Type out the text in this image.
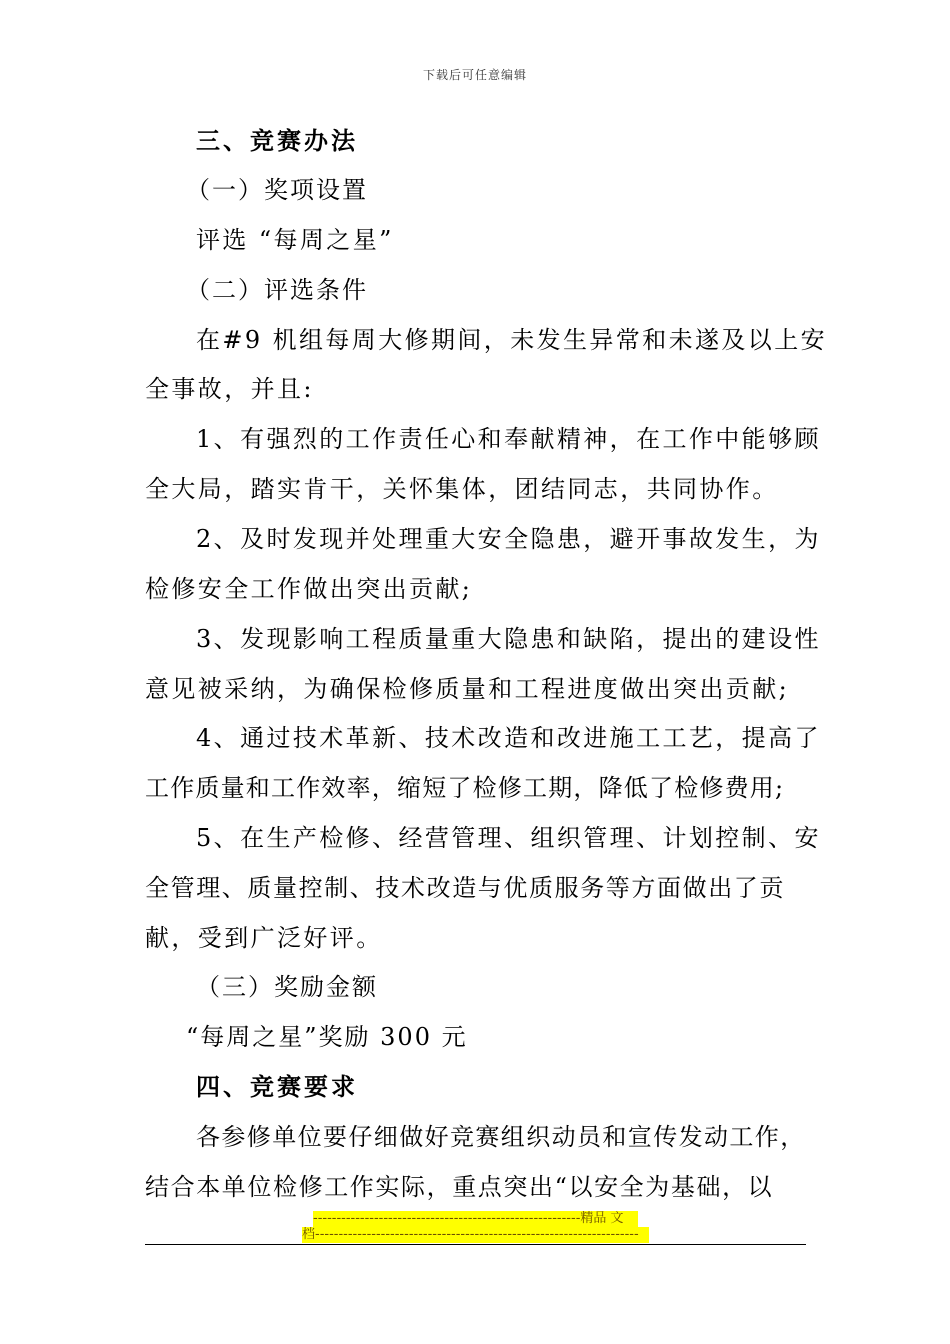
下载后可任意编辑
三、竞赛办法
（一）奖项设置
评选 “每周之星”
（二）评选条件
在#9 机组每周大修期间，未发生异常和未遂及以上安
全事故，并且:
1、有强烈的工作责任心和奉献精神，在工作中能够顾
全大局，踏实肯干，关怀集体，团结同志，共同协作。
2、及时发现并处理重大安全隐患，避开事故发生，为
检修安全工作做出突出贡献;
3、发现影响工程质量重大隐患和缺陷，提出的建设性
意见被采纳，为确保检修质量和工程进度做出突出贡献;
4、通过技术革新、技术改造和改进施工工艺，提高了
工作质量和工作效率，缩短了检修工期，降低了检修费用;
5、在生产检修、经营管理、组织管理、计划控制、安
全管理、质量控制、技术改造与优质服务等方面做出了贡
献，受到广泛好评。
（三）奖励金额
“每周之星”奖励 300 元
四、竞赛要求
各参修单位要仔细做好竞赛组织动员和宣传发动工作，
结合本单位检修工作实际，重点突出“以安全为基础，以
---------------------------------------------------------精品 文
档---------------------------------------------------------------------
